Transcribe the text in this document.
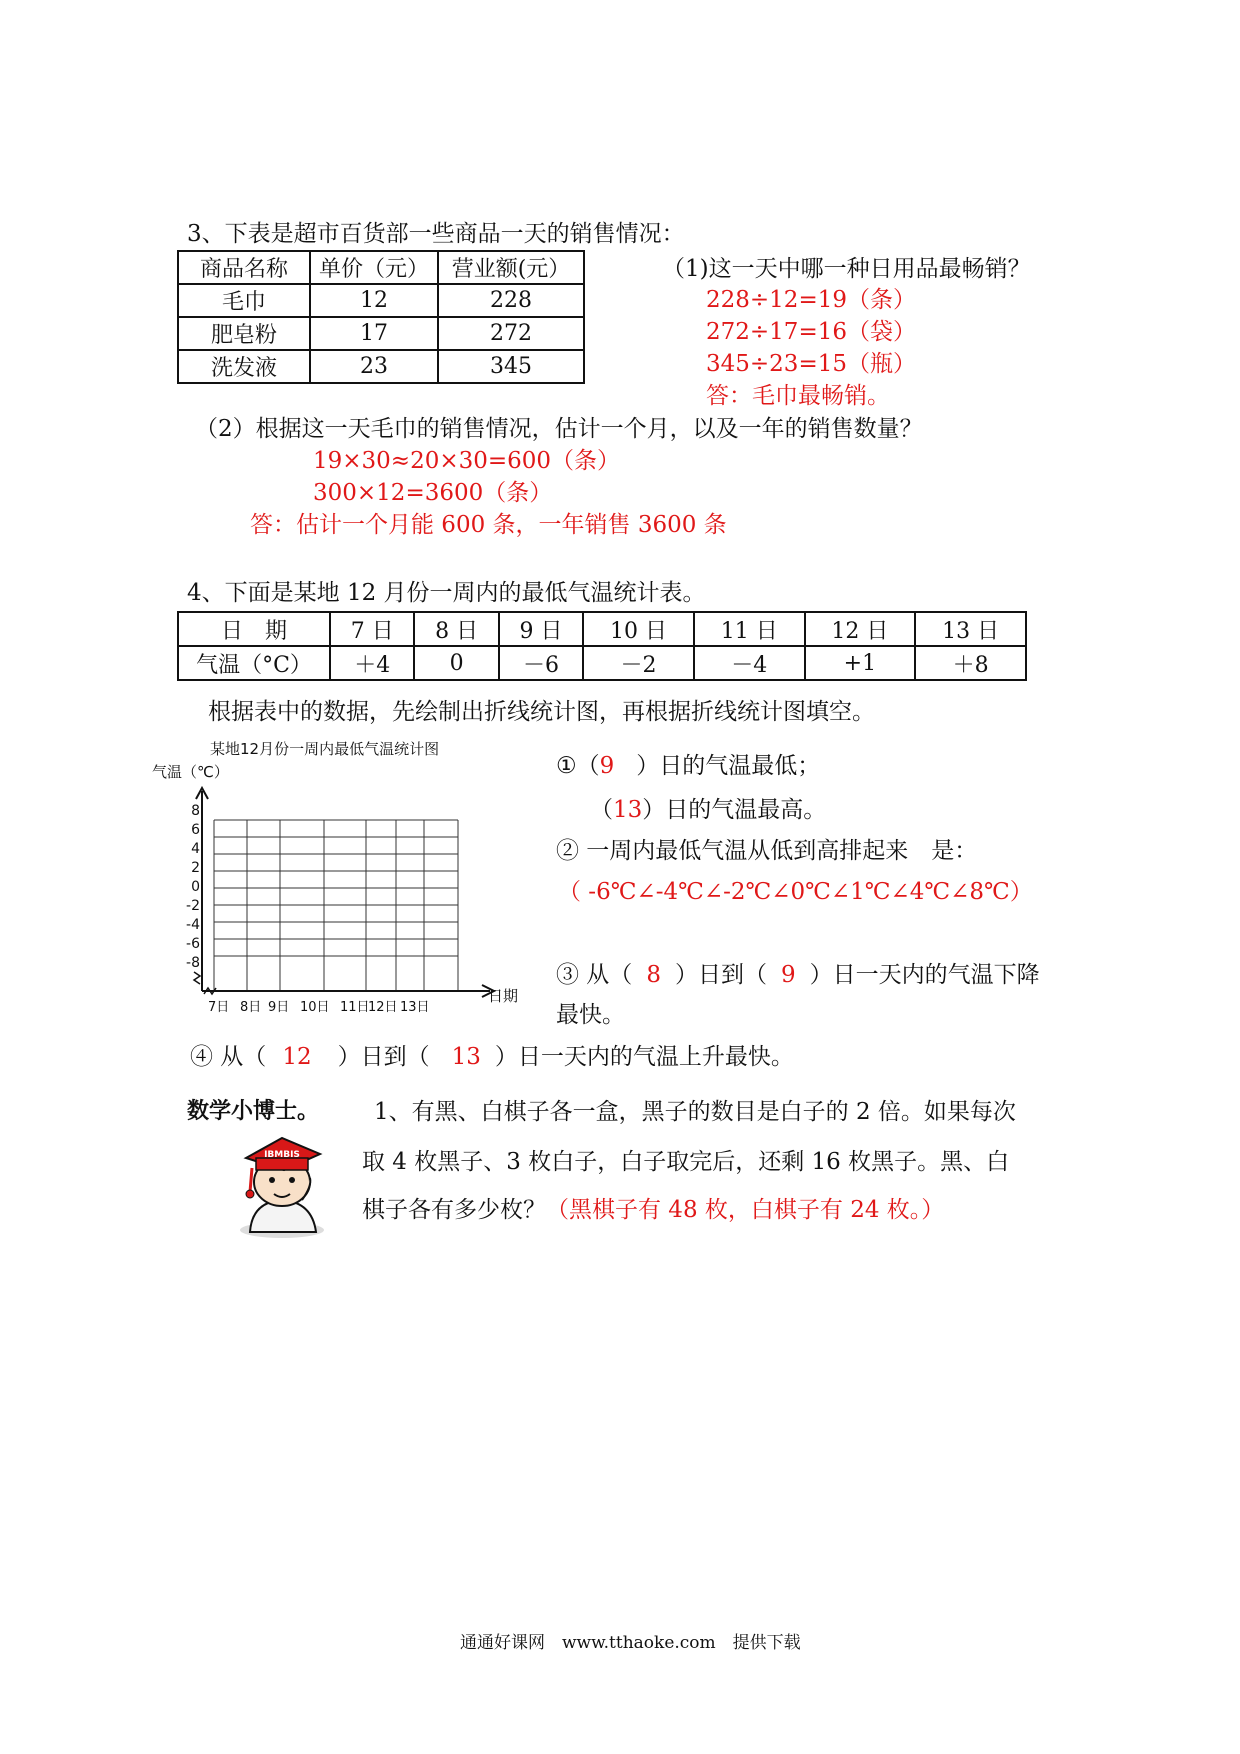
3、下表是超市百货部一些商品一天的销售情况：
商品名称	单价（元）	营业额(元）
毛巾	12	228
肥皂粉	17	272
洗发液	23	345
（1)这一天中哪一种日用品最畅销？
228÷12=19（条）
272÷17=16（袋）
345÷23=15（瓶）
答：毛巾最畅销。
（2）根据这一天毛巾的销售情况，估计一个月，以及一年的销售数量？
19×30≈20×30=600（条）
300×12=3600（条）
答：估计一个月能 600 条，一年销售 3600 条
4、下面是某地 12 月份一周内的最低气温统计表。
日　期	7 日	8 日	9 日	10 日	11 日	12 日	13 日
气温（°C）	＋4	0	－6	－2	－4	+1	＋8
根据表中的数据，先绘制出折线统计图，再根据折线统计图填空。
某地12月份一周内最低气温统计图
气温（℃）
8
6
4
2
0
-2
-4
-6
-8
日期
7日 8日 9日 10日 11日
12日 13日
①（9 ）日的气温最低；
（13）日的气温最高。
② 一周内最低气温从低到高排起来　是：
（ -6℃∠-4℃∠-2℃∠0℃∠1℃∠4℃∠8℃）
③ 从（ 8 ）日到（ 9 ）日一天内的气温下降
最快。
④ 从（ 12 ）日到（ 13 ）日一天内的气温上升最快。
数学小博士。 1、有黑、白棋子各一盒，黑子的数目是白子的 2 倍。如果每次
取 4 枚黑子、3 枚白子，白子取完后，还剩 16 枚黑子。黑、白
棋子各有多少枚？（黑棋子有 48 枚，白棋子有 24 枚。）
IBMBIS
通通好课网　www.tthaoke.com　提供下载
